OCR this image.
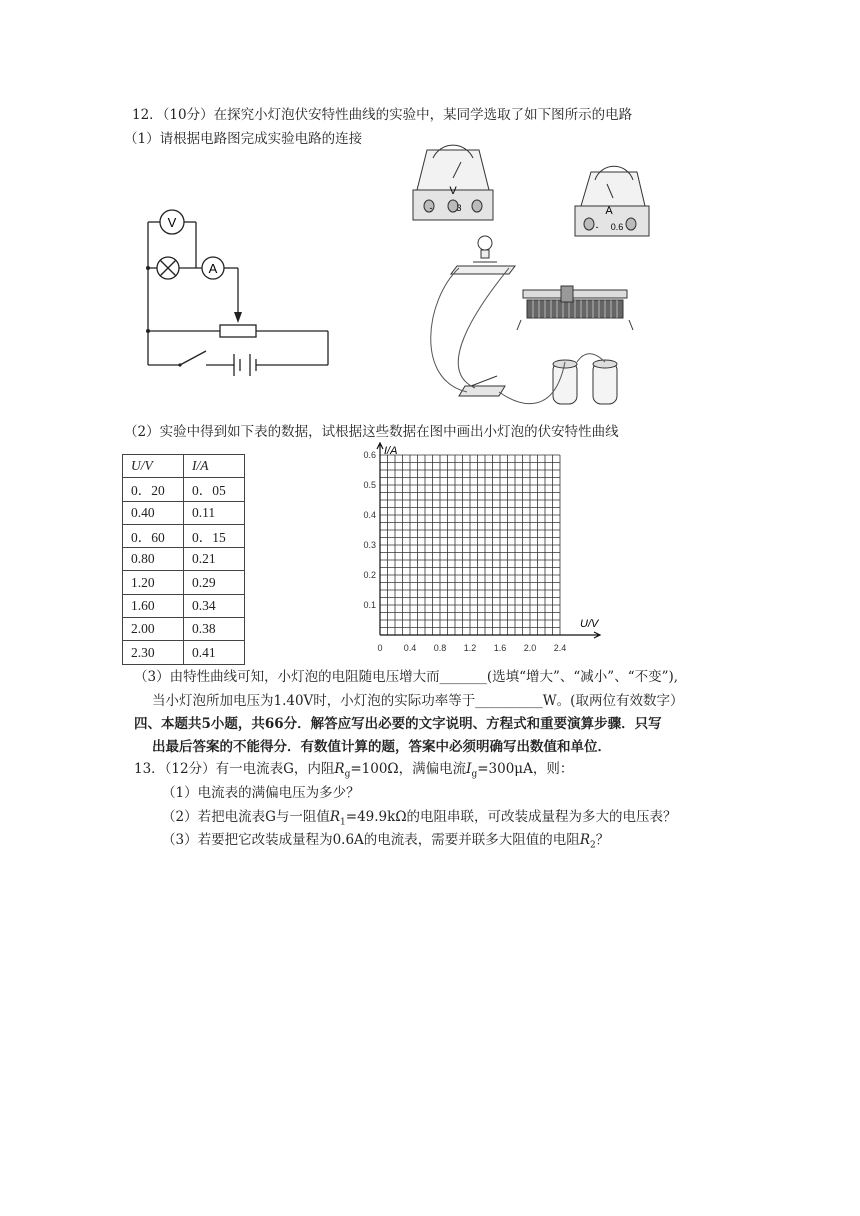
12．（10分）在探究小灯泡伏安特性曲线的实验中，某同学选取了如下图所示的电路
（1）请根据电路图完成实验电路的连接
V
A
V
-	3	A
- 0.6
（2）实验中得到如下表的数据，试根据这些数据在图中画出小灯泡的伏安特性曲线
U/V	I/A
0．20	0．05
0.40	0.11
0．60	0．15
0.80	0.21
1.20	0.29
1.60	0.34
2.00	0.38
2.30	0.41	0 0.4 0.8 1.2 1.6 2.0 2.4
0.1
0.2
0.3
0.4
0.5
0.6 I/A
U/V
（3）由特性曲线可知，小灯泡的电阻随电压增大而_______(选填“增大”、“减小”、“不变”),
当小灯泡所加电压为1.40V时，小灯泡的实际功率等于__________W。(取两位有效数字）
四、本题共5小题，共66分．解答应写出必要的文字说明、方程式和重要演算步骤．只写
出最后答案的不能得分．有数值计算的题，答案中必须明确写出数值和单位．
13．（12分）有一电流表G，内阻$R_g=100\Omega$，满偏电流$I_g=300\mu A$，则：
（1）电流表的满偏电压为多少？
（2）若把电流表G与一阻值$R_1=49.9k\Omega$的电阻串联，可改装成量程为多大的电压表？
（3）若要把它改装成量程为0.6A的电流表，需要并联多大阻值的电阻$R_2$？
